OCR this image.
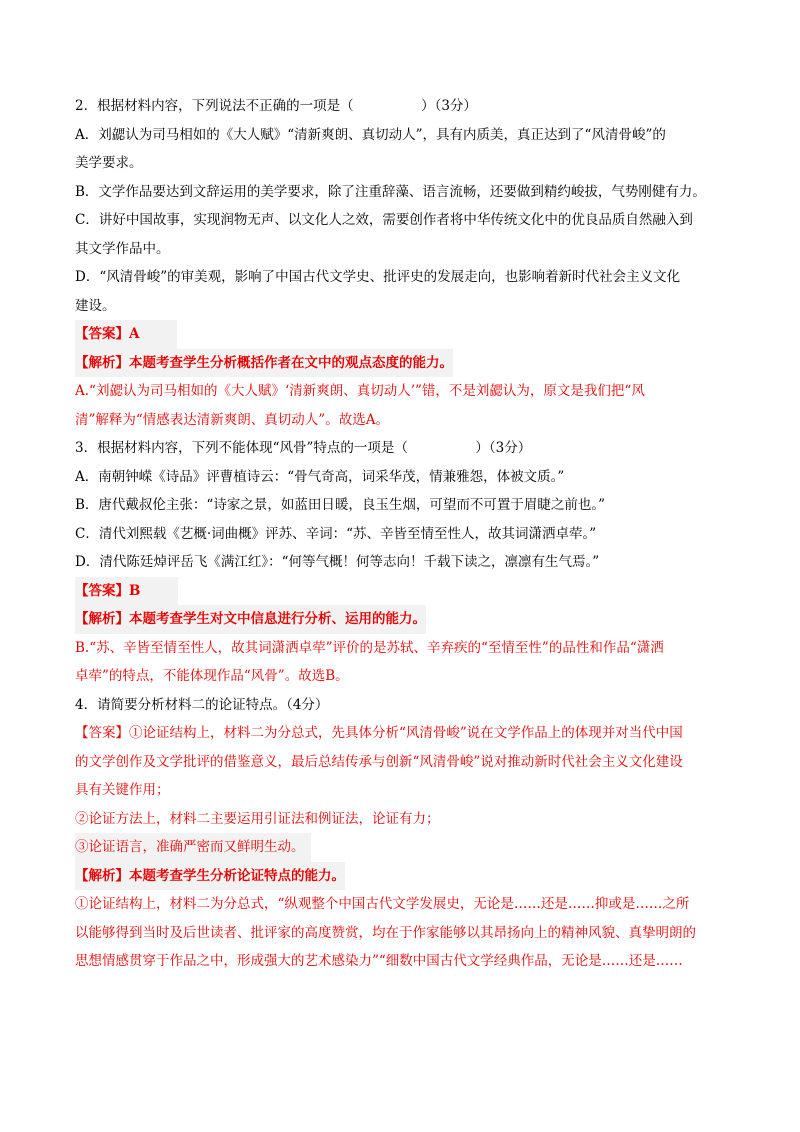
2．根据材料内容，下列说法不正确的一项是（　　　　　）（3分）
A．刘勰认为司马相如的《大人赋》“清新爽朗、真切动人”，具有内质美，真正达到了“风清骨峻”的
美学要求。
B．文学作品要达到文辞运用的美学要求，除了注重辞藻、语言流畅，还要做到精约峻拔，气势刚健有力。
C．讲好中国故事，实现润物无声、以文化人之效，需要创作者将中华传统文化中的优良品质自然融入到
其文学作品中。
D．“风清骨峻”的审美观，影响了中国古代文学史、批评史的发展走向，也影响着新时代社会主义文化
建设。
【答案】A
【解析】本题考查学生分析概括作者在文中的观点态度的能力。
A.“刘勰认为司马相如的《大人赋》‘清新爽朗、真切动人’”错，不是刘勰认为，原文是我们把“风
清”解释为“情感表达清新爽朗、真切动人”。故选A。
3．根据材料内容，下列不能体现“风骨”特点的一项是（　　　　　）（3分）
A．南朝钟嵘《诗品》评曹植诗云：“骨气奇高，词采华茂，情兼雅怨，体被文质。”
B．唐代戴叔伦主张：“诗家之景，如蓝田日暖，良玉生烟，可望而不可置于眉睫之前也。”
C．清代刘熙载《艺概·词曲概》评苏、辛词：“苏、辛皆至情至性人，故其词潇洒卓荦。”
D．清代陈廷焯评岳飞《满江红》：“何等气概！何等志向！千载下读之，凛凛有生气焉。”
【答案】B
【解析】本题考查学生对文中信息进行分析、运用的能力。
B.“苏、辛皆至情至性人，故其词潇洒卓荦”评价的是苏轼、辛弃疾的“至情至性”的品性和作品“潇洒
卓荦”的特点，不能体现作品“风骨”。故选B。
4．请简要分析材料二的论证特点。（4分）
【答案】①论证结构上，材料二为分总式，先具体分析“风清骨峻”说在文学作品上的体现并对当代中国
的文学创作及文学批评的借鉴意义，最后总结传承与创新“风清骨峻”说对推动新时代社会主义文化建设
具有关键作用；
②论证方法上，材料二主要运用引证法和例证法，论证有力；
③论证语言，准确严密而又鲜明生动。
【解析】本题考查学生分析论证特点的能力。
①论证结构上，材料二为分总式，“纵观整个中国古代文学发展史，无论是……还是……抑或是……之所
以能够得到当时及后世读者、批评家的高度赞赏，均在于作家能够以其昂扬向上的精神风貌、真挚明朗的
思想情感贯穿于作品之中，形成强大的艺术感染力”“细数中国古代文学经典作品，无论是……还是……
